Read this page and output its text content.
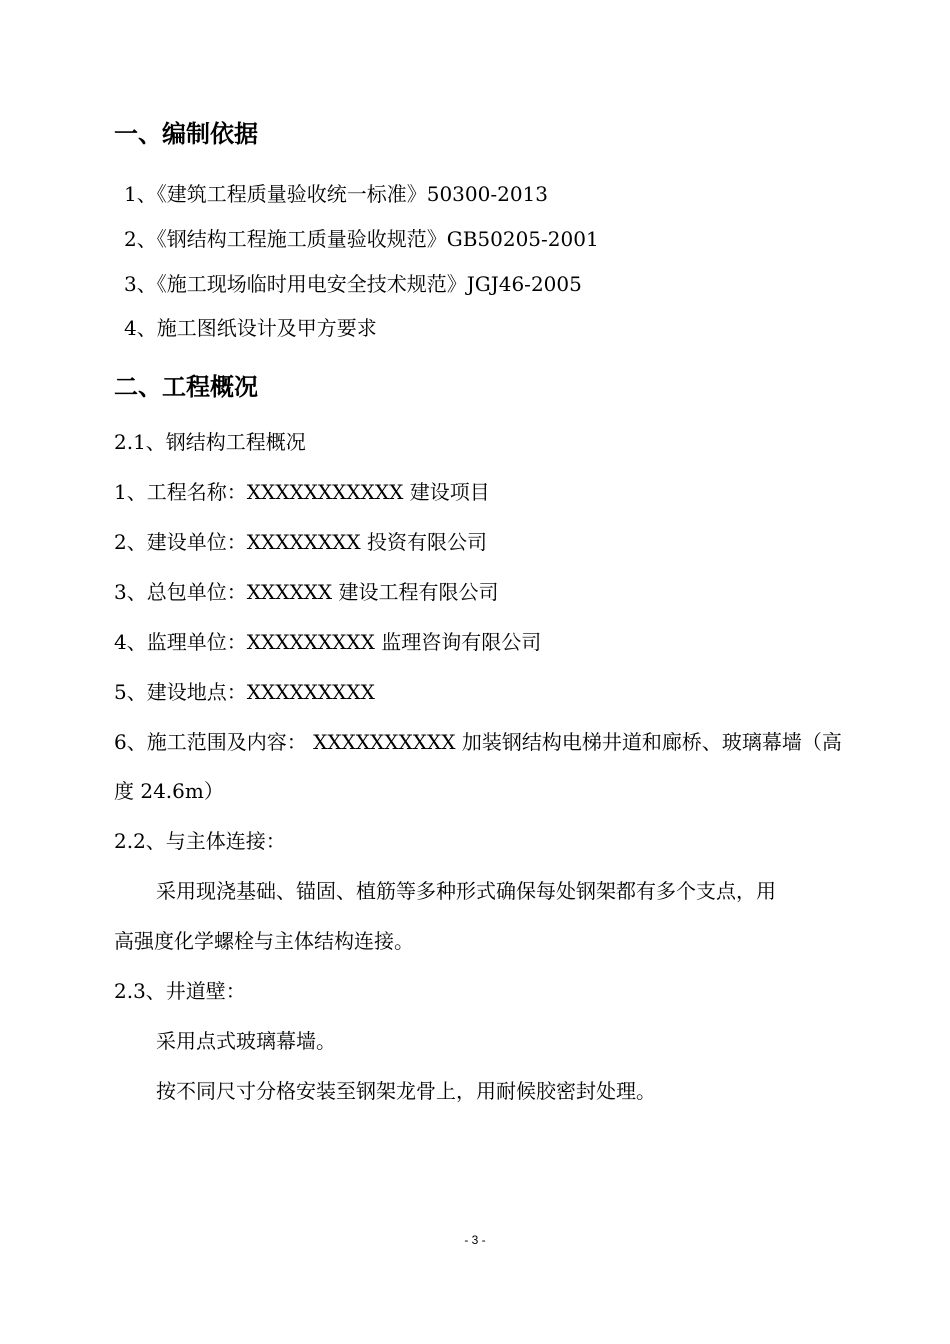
一、编制依据
1、《建筑工程质量验收统一标准》50300-2013
2、《钢结构工程施工质量验收规范》GB50205-2001
3、《施工现场临时用电安全技术规范》JGJ46-2005
4、施工图纸设计及甲方要求
二、工程概况
2.1、钢结构工程概况
1、工程名称：XXXXXXXXXXX 建设项目
2、建设单位：XXXXXXXX 投资有限公司
3、总包单位：XXXXXX 建设工程有限公司
4、监理单位：XXXXXXXXX 监理咨询有限公司
5、建设地点：XXXXXXXXX
6、施工范围及内容： XXXXXXXXXX 加装钢结构电梯井道和廊桥、玻璃幕墙（高
度 24.6m）
2.2、与主体连接：
采用现浇基础、锚固、植筋等多种形式确保每处钢架都有多个支点，用
高强度化学螺栓与主体结构连接。
2.3、井道壁：
采用点式玻璃幕墙。
按不同尺寸分格安装至钢架龙骨上，用耐候胶密封处理。
- 3 -
